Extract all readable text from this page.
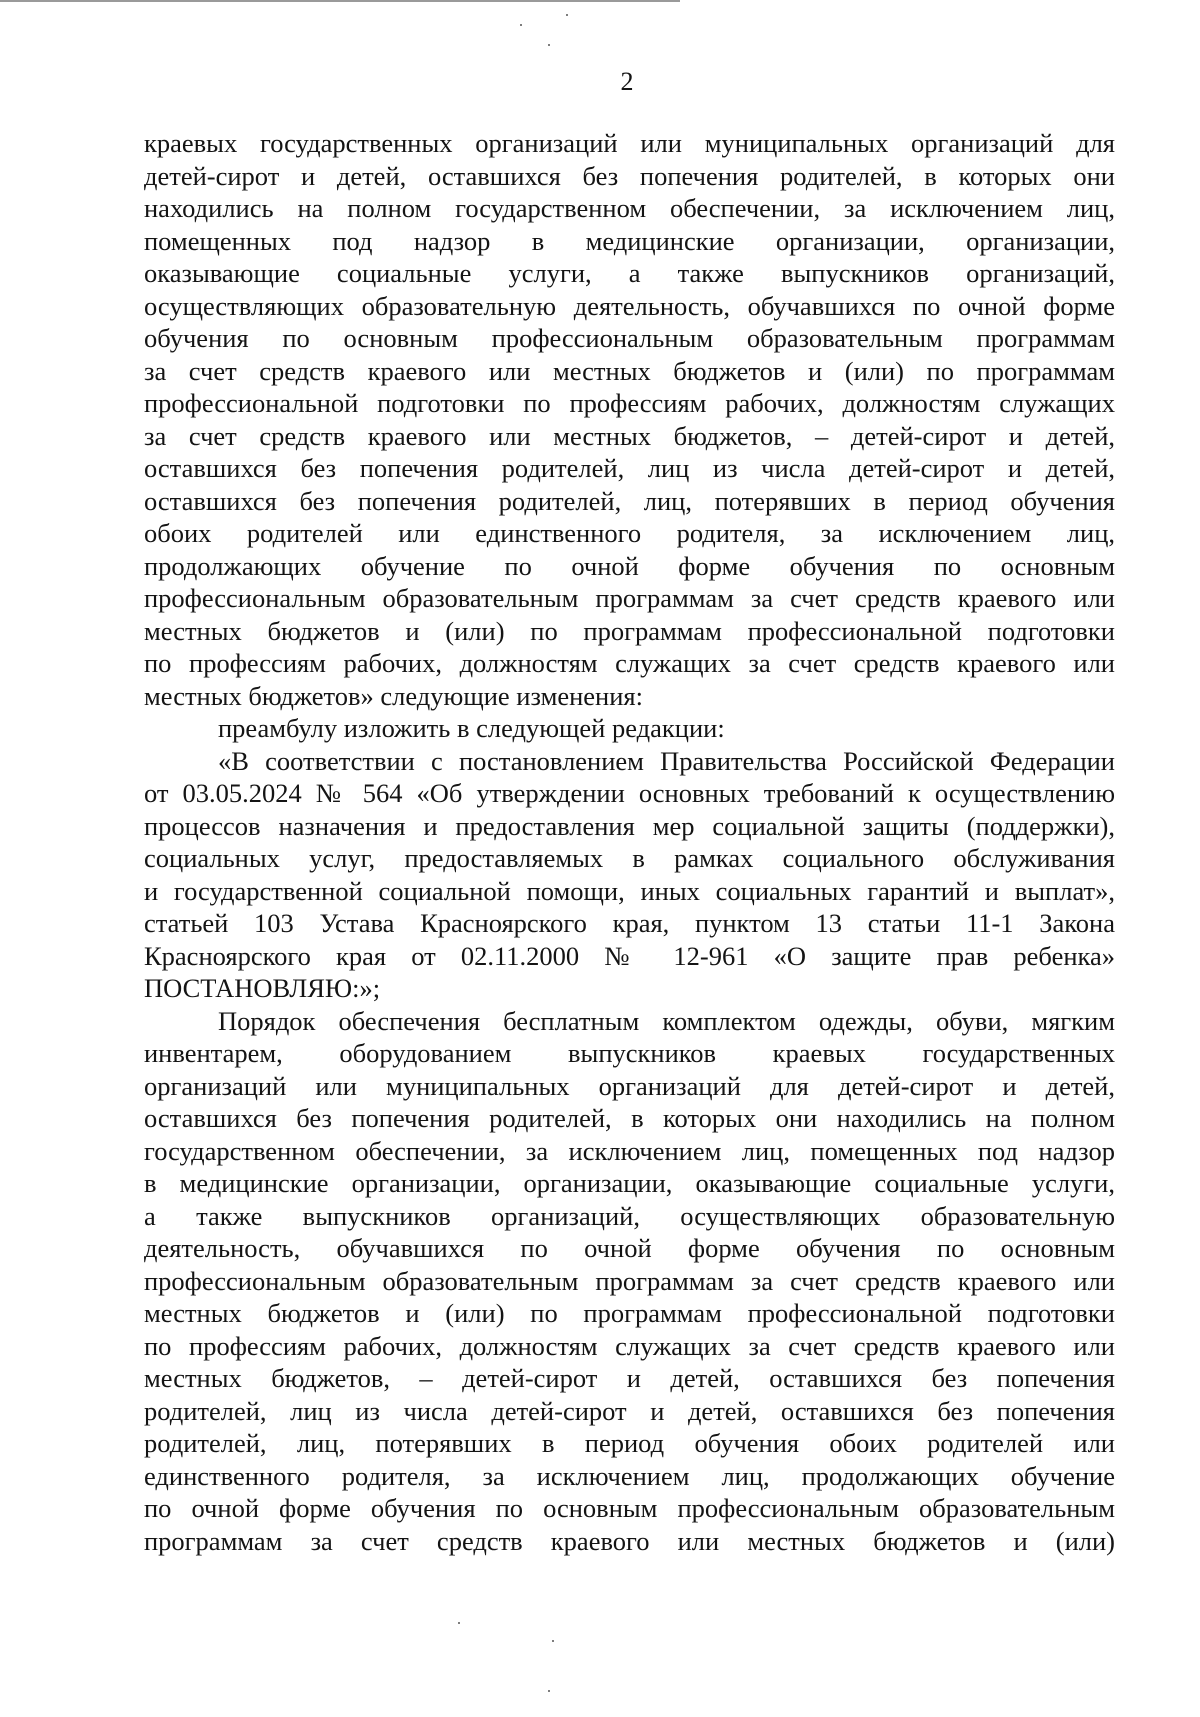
2
краевых государственных организаций или муниципальных организаций для
детей-сирот и детей, оставшихся без попечения родителей, в которых они
находились на полном государственном обеспечении, за исключением лиц,
помещенных под надзор в медицинские организации, организации,
оказывающие социальные услуги, а также выпускников организаций,
осуществляющих образовательную деятельность, обучавшихся по очной форме
обучения по основным профессиональным образовательным программам
за счет средств краевого или местных бюджетов и (или) по программам
профессиональной подготовки по профессиям рабочих, должностям служащих
за счет средств краевого или местных бюджетов, – детей-сирот и детей,
оставшихся без попечения родителей, лиц из числа детей-сирот и детей,
оставшихся без попечения родителей, лиц, потерявших в период обучения
обоих родителей или единственного родителя, за исключением лиц,
продолжающих обучение по очной форме обучения по основным
профессиональным образовательным программам за счет средств краевого или
местных бюджетов и (или) по программам профессиональной подготовки
по профессиям рабочих, должностям служащих за счет средств краевого или
местных бюджетов» следующие изменения:
преамбулу изложить в следующей редакции:
«В соответствии с постановлением Правительства Российской Федерации
от 03.05.2024 № 564 «Об утверждении основных требований к осуществлению
процессов назначения и предоставления мер социальной защиты (поддержки),
социальных услуг, предоставляемых в рамках социального обслуживания
и государственной социальной помощи, иных социальных гарантий и выплат»,
статьей 103 Устава Красноярского края, пунктом 13 статьи 11-1 Закона
Красноярского края от 02.11.2000 № 12-961 «О защите прав ребенка»
ПОСТАНОВЛЯЮ:»;
Порядок обеспечения бесплатным комплектом одежды, обуви, мягким
инвентарем, оборудованием выпускников краевых государственных
организаций или муниципальных организаций для детей-сирот и детей,
оставшихся без попечения родителей, в которых они находились на полном
государственном обеспечении, за исключением лиц, помещенных под надзор
в медицинские организации, организации, оказывающие социальные услуги,
а также выпускников организаций, осуществляющих образовательную
деятельность, обучавшихся по очной форме обучения по основным
профессиональным образовательным программам за счет средств краевого или
местных бюджетов и (или) по программам профессиональной подготовки
по профессиям рабочих, должностям служащих за счет средств краевого или
местных бюджетов, – детей-сирот и детей, оставшихся без попечения
родителей, лиц из числа детей-сирот и детей, оставшихся без попечения
родителей, лиц, потерявших в период обучения обоих родителей или
единственного родителя, за исключением лиц, продолжающих обучение
по очной форме обучения по основным профессиональным образовательным
программам за счет средств краевого или местных бюджетов и (или)
